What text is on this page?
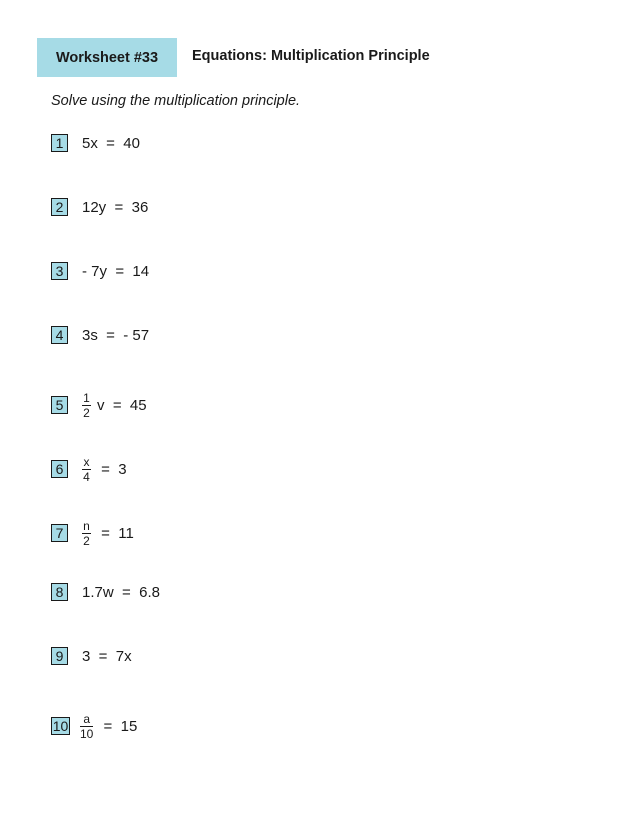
Worksheet #33 Equations: Multiplication Principle
Solve using the multiplication principle.
1	5x  =  40
2	12y  =  36
3	- 7y  =  14
4	3s  =  - 57
5	$\frac{1}{2}$ v  =  45
6	$\frac{x}{4} = 3$
7	$\frac{n}{2} = 11$
8	1.7w  =  6.8
9	3  =  7x
$10 \frac{a}{10} = 15$
